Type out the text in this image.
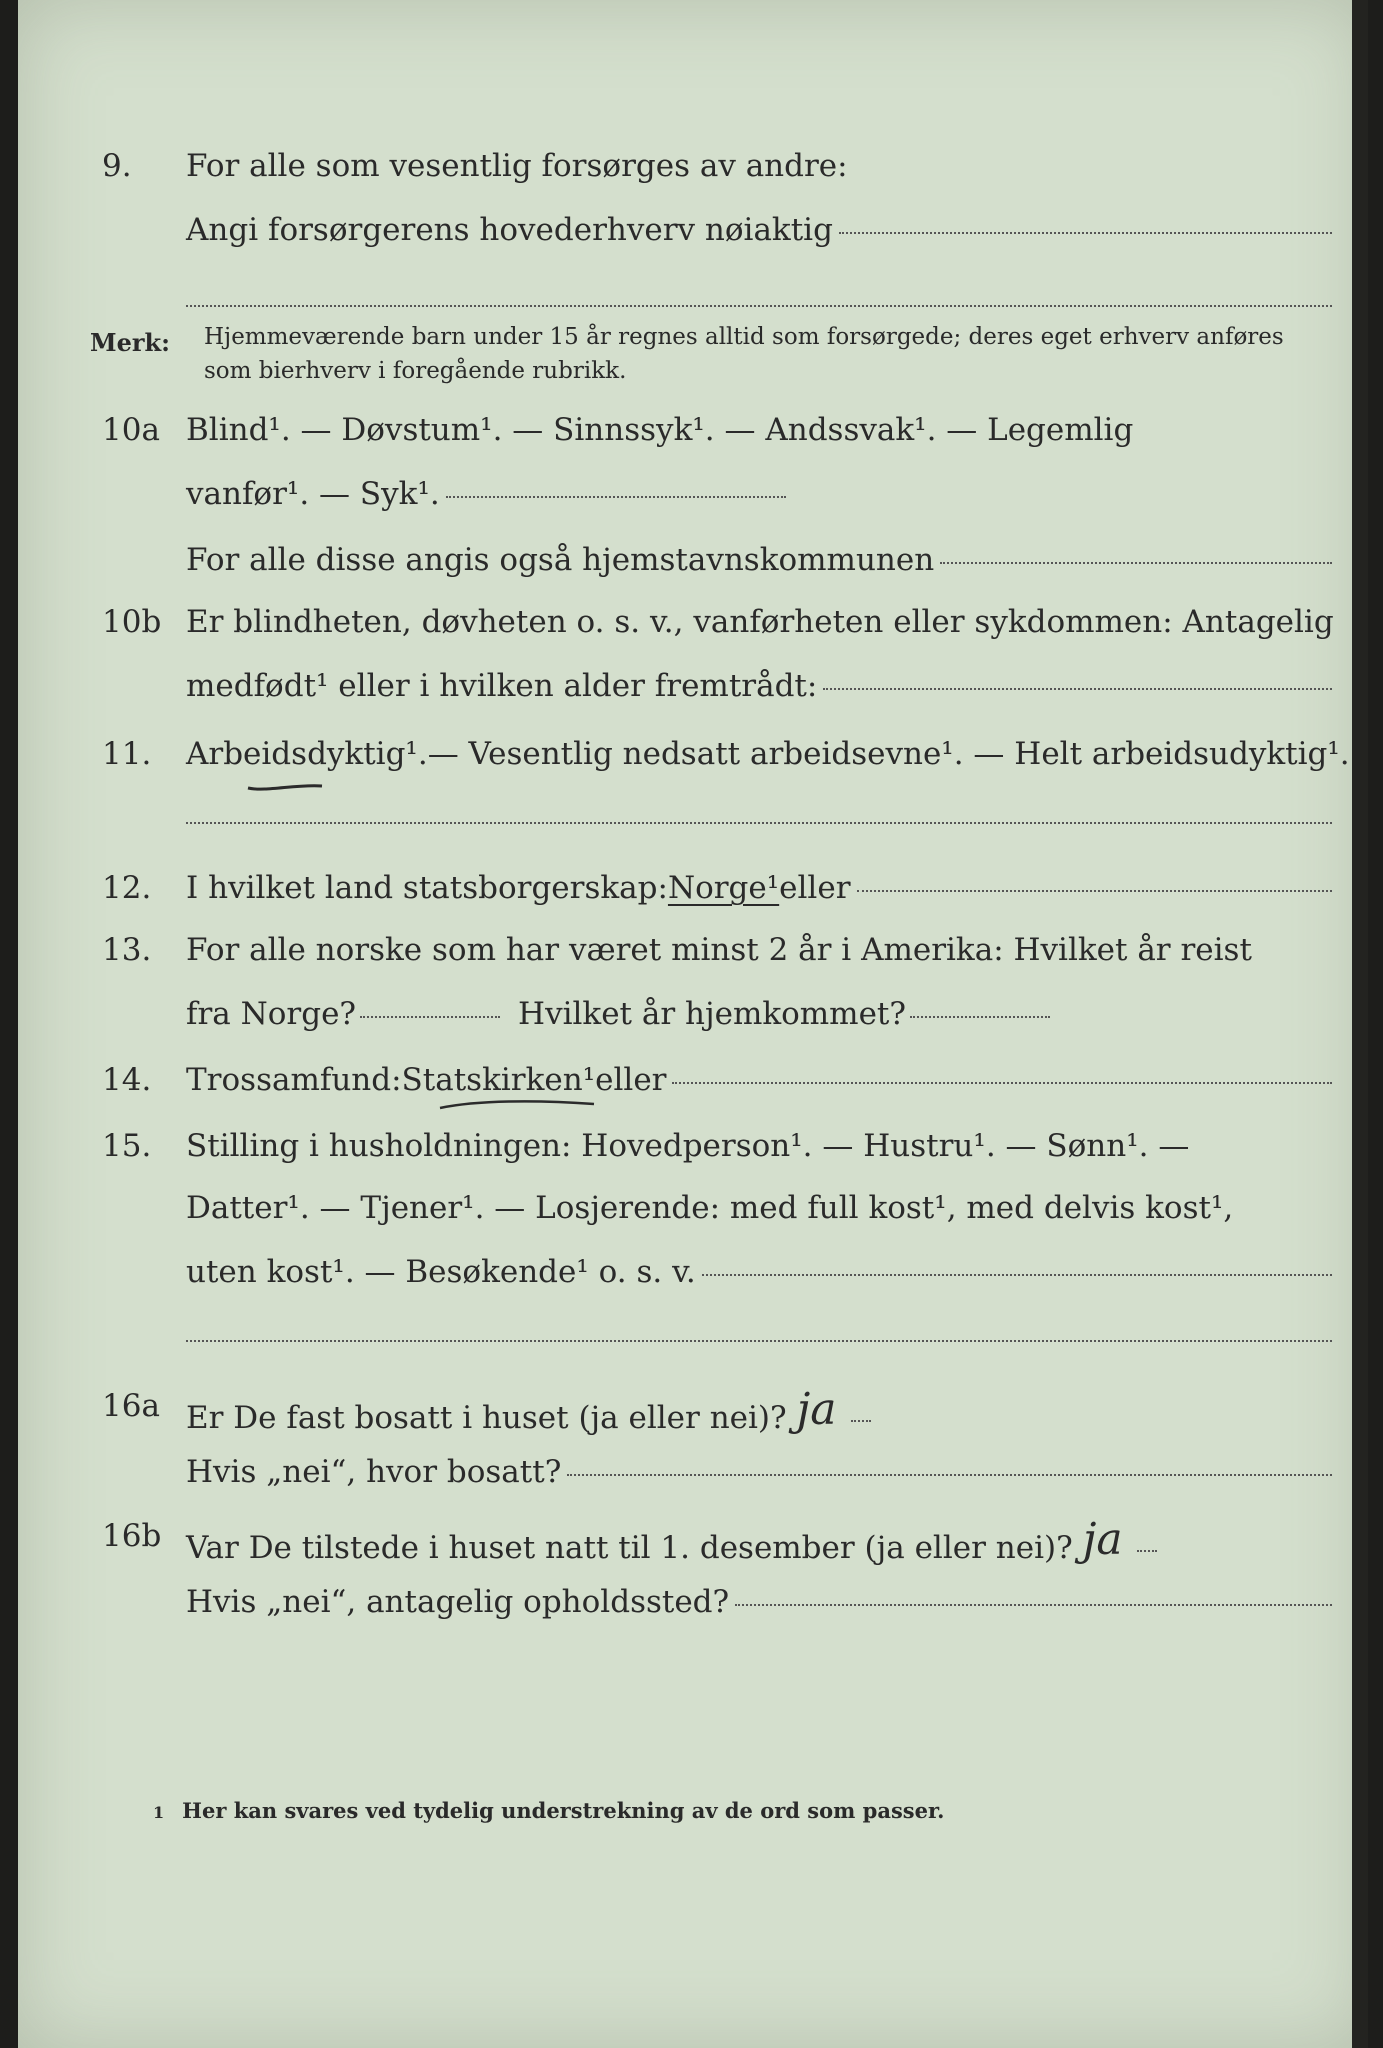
9. For alle som vesentlig forsørges av andre:
Angi forsørgerens hovederhverv nøiaktig
Merk: Hjemmeværende barn under 15 år regnes alltid som forsørgede; deres eget erhverv anføres som bierhverv i foregående rubrikk.
10a Blind¹. — Døvstum¹. — Sinnssyk¹. — Andssvak¹. — Legemlig
vanfør¹. — Syk¹.
For alle disse angis også hjemstavnskommunen
10b Er blindheten, døvheten o. s. v., vanførheten eller sykdommen: Antagelig
medfødt¹ eller i hvilken alder fremtrådt:
11. Arbeidsdyktig¹. — Vesentlig nedsatt arbeidsevne¹. — Helt arbeidsudyktig¹.
12. I hvilket land statsborgerskap: Norge¹ eller
13. For alle norske som har været minst 2 år i Amerika: Hvilket år reist
fra Norge?	Hvilket år hjemkommet?
14. Trossamfund: Statskirken¹ eller
15. Stilling i husholdningen: Hovedperson¹. — Hustru¹. — Sønn¹. —
Datter¹. — Tjener¹. — Losjerende: med full kost¹, med delvis kost¹,
uten kost¹. — Besøkende¹ o. s. v.
16a Er De fast bosatt i huset (ja eller nei)? ja
Hvis „nei“, hvor bosatt?
16b Var De tilstede i huset natt til 1. desember (ja eller nei)? ja
Hvis „nei“, antagelig opholdssted?
1 Her kan svares ved tydelig understrekning av de ord som passer.
